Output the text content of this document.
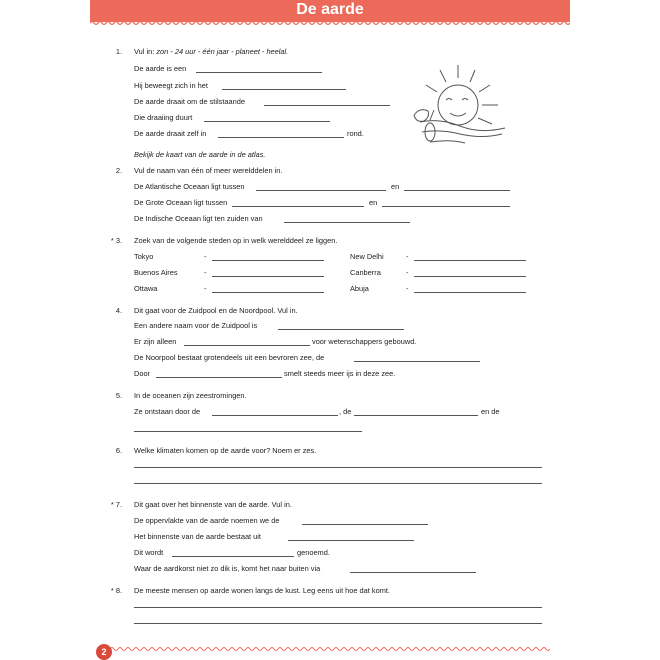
De aarde
1. Vul in: zon - 24 uur - één jaar - planeet - heelal.
De aarde is een
Hij beweegt zich in het
De aarde draait om de stilstaande
Die draaiing duurt
De aarde draait zelf in	rond.
Bekijk de kaart van de aarde in de atlas.
2. Vul de naam van één of meer werelddelen in.
De Atlantische Oceaan ligt tussen	en
De Grote Oceaan ligt tussen	en
De Indische Oceaan ligt ten zuiden van
* 3. Zoek van de volgende steden op in welk werelddeel ze liggen.
Tokyo	-	New Delhi	-
Buenos Aires	-	Canberra	-
Ottawa	-	Abuja	-
4. Dit gaat voor de Zuidpool en de Noordpool. Vul in.
Een andere naam voor de Zuidpool is
Er zijn alleen	voor wetenschappers gebouwd.
De Noorpool bestaat grotendeels uit een bevroren zee, de
Door	smelt steeds meer ijs in deze zee.
5. In de oceanen zijn zeestromingen.
Ze ontstaan door de	, de	en de
6. Welke klimaten komen op de aarde voor? Noem er zes.
* 7. Dit gaat over het binnenste van de aarde. Vul in.
De oppervlakte van de aarde noemen we de
Het binnenste van de aarde bestaat uit
Dit wordt	genoemd.
Waar de aardkorst niet zo dik is, komt het naar buiten via
* 8. De meeste mensen op aarde wonen langs de kust. Leg eens uit hoe dat komt.
2
